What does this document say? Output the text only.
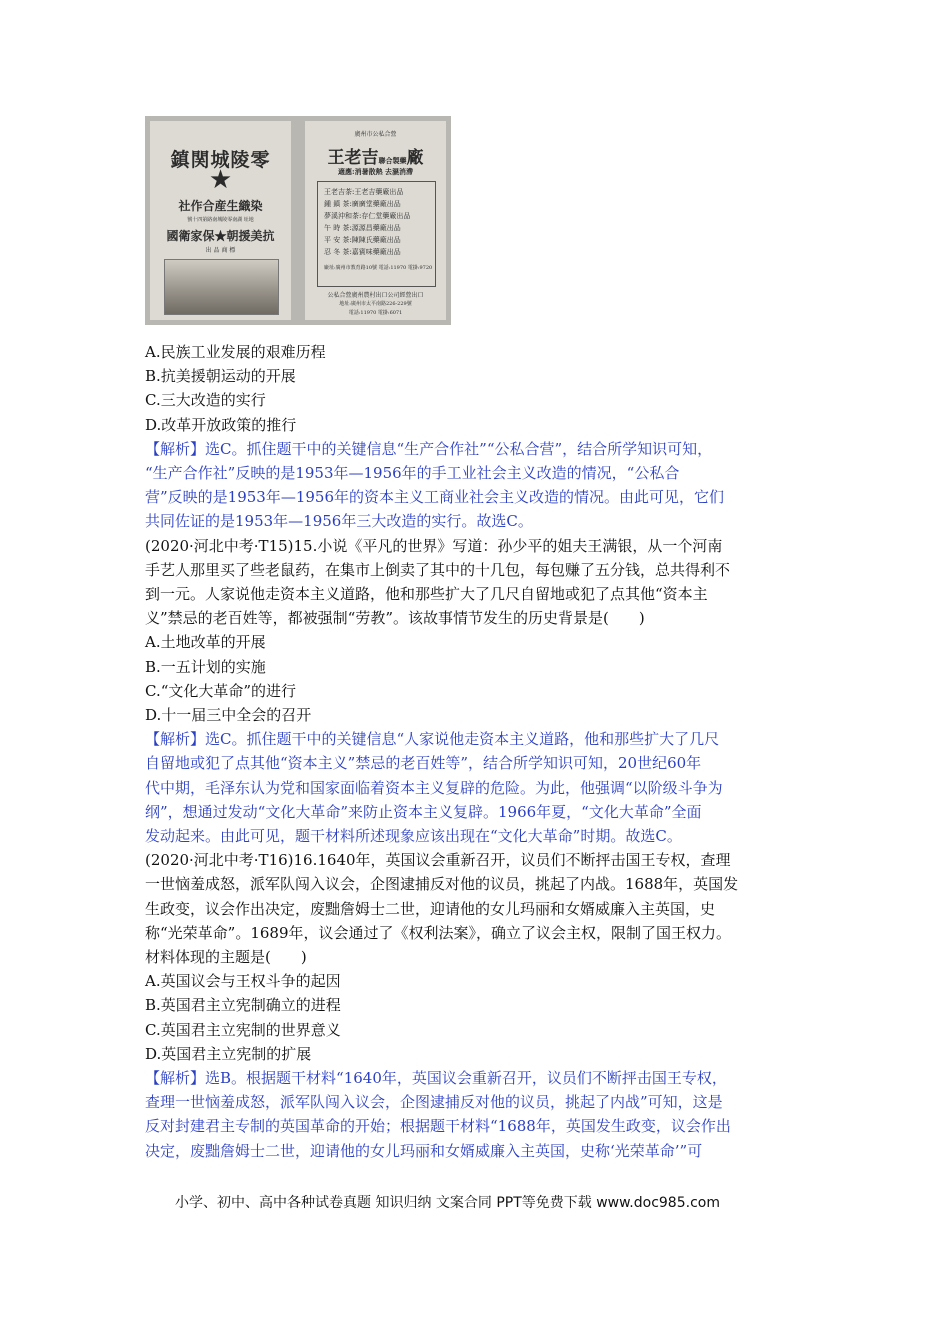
鎮関城陵零
★
社作合産生織染
號十四第路南城陵零南湖 址地
國衛家保★朝援美抗
出 品 商 標
廣州市公私合營
王老吉聯合製藥廠
適應:消暑散熱 去濕消滯
王老吉茶:王老吉藥廠出品
鍾 鎮 茶:廣廣堂藥廠出品
夢溪沖和茶:存仁堂藥廠出品
午 時 茶:源源昌藥廠出品
平 安 茶:陳陳氏藥廠出品
忍 冬 茶:嘉賓味藥廠出品
廠址:廣州市教育路10號 電話:11970 電掛:9720
公私合營廣州農村出口公司經營出口
地址:廣州市太平南路226-229號
電話:11970 電掛:6071
A.民族工业发展的艰难历程
B.抗美援朝运动的开展
C.三大改造的实行
D.改革开放政策的推行
【解析】选C。抓住题干中的关键信息“生产合作社”“公私合营”，结合所学知识可知，
“生产合作社”反映的是1953年—1956年的手工业社会主义改造的情况，“公私合
营”反映的是1953年—1956年的资本主义工商业社会主义改造的情况。由此可见，它们
共同佐证的是1953年—1956年三大改造的实行。故选C。
(2020·河北中考·T15)15.小说《平凡的世界》写道：孙少平的姐夫王满银，从一个河南
手艺人那里买了些老鼠药，在集市上倒卖了其中的十几包，每包赚了五分钱，总共得利不
到一元。人家说他走资本主义道路，他和那些扩大了几尺自留地或犯了点其他“资本主
义”禁忌的老百姓等，都被强制“劳教”。该故事情节发生的历史背景是(　　)
A.土地改革的开展
B.一五计划的实施
C.“文化大革命”的进行
D.十一届三中全会的召开
【解析】选C。抓住题干中的关键信息“人家说他走资本主义道路，他和那些扩大了几尺
自留地或犯了点其他“资本主义”禁忌的老百姓等”，结合所学知识可知，20世纪60年
代中期，毛泽东认为党和国家面临着资本主义复辟的危险。为此，他强调“以阶级斗争为
纲”，想通过发动“文化大革命”来防止资本主义复辟。1966年夏，“文化大革命”全面
发动起来。由此可见，题干材料所述现象应该出现在“文化大革命”时期。故选C。
(2020·河北中考·T16)16.1640年，英国议会重新召开，议员们不断抨击国王专权，查理
一世恼羞成怒，派军队闯入议会，企图逮捕反对他的议员，挑起了内战。1688年，英国发
生政变，议会作出决定，废黜詹姆士二世，迎请他的女儿玛丽和女婿威廉入主英国，史
称“光荣革命”。1689年，议会通过了《权利法案》，确立了议会主权，限制了国王权力。
材料体现的主题是(　　)
A.英国议会与王权斗争的起因
B.英国君主立宪制确立的进程
C.英国君主立宪制的世界意义
D.英国君主立宪制的扩展
【解析】选B。根据题干材料“1640年，英国议会重新召开，议员们不断抨击国王专权，
查理一世恼羞成怒，派军队闯入议会，企图逮捕反对他的议员，挑起了内战”可知，这是
反对封建君主专制的英国革命的开始；根据题干材料“1688年，英国发生政变，议会作出
决定，废黜詹姆士二世，迎请他的女儿玛丽和女婿威廉入主英国，史称‘光荣革命’”可
小学、初中、高中各种试卷真题 知识归纳 文案合同 PPT等免费下载 www.doc985.com
